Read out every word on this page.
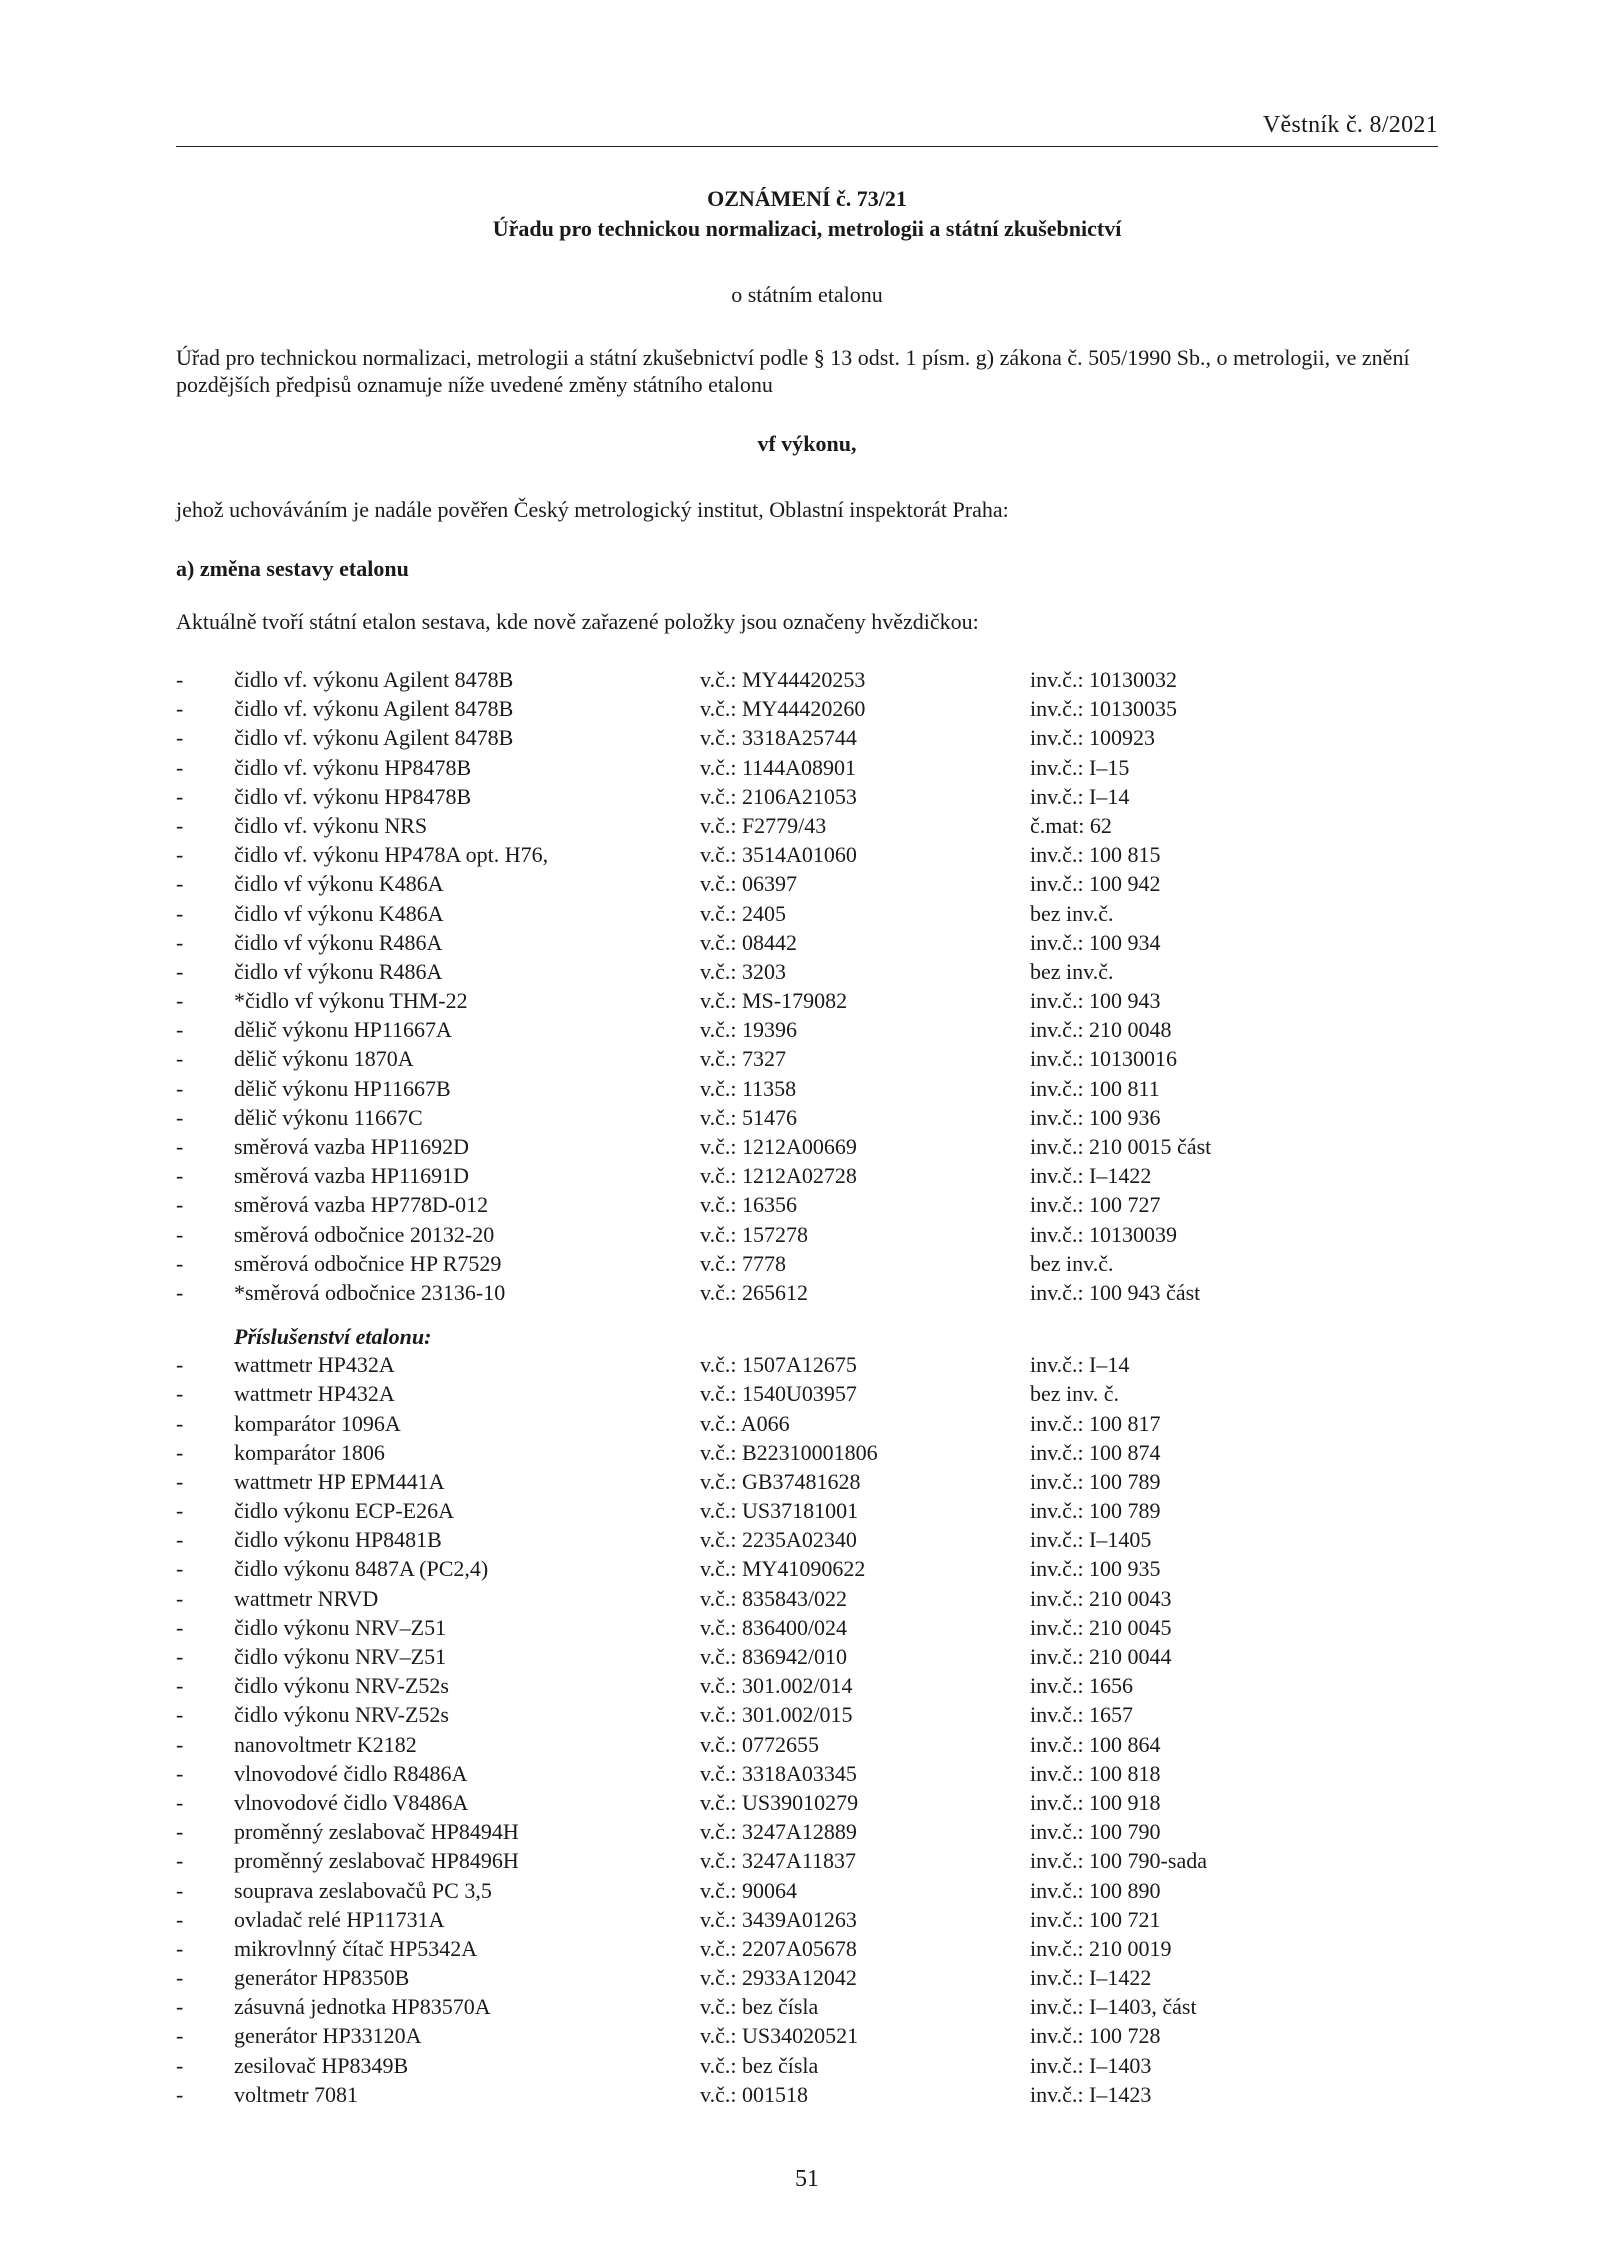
Věstník č. 8/2021
OZNÁMENÍ č. 73/21
Úřadu pro technickou normalizaci, metrologii a státní zkušebnictví
o státním etalonu
Úřad pro technickou normalizaci, metrologii a státní zkušebnictví podle § 13 odst. 1 písm. g) zákona č. 505/1990 Sb., o metrologii, ve znění pozdějších předpisů oznamuje níže uvedené změny státního etalonu
vf výkonu,
jehož uchováváním je nadále pověřen Český metrologický institut, Oblastní inspektorát Praha:
a) změna sestavy etalonu
Aktuálně tvoří státní etalon sestava, kde nově zařazené položky jsou označeny hvězdičkou:
- čidlo vf. výkonu Agilent 8478B	v.č.: MY44420253	inv.č.: 10130032
- čidlo vf. výkonu Agilent 8478B	v.č.: MY44420260	inv.č.: 10130035
- čidlo vf. výkonu Agilent 8478B	v.č.: 3318A25744	inv.č.: 100923
- čidlo vf. výkonu HP8478B	v.č.: 1144A08901	inv.č.: I–15
- čidlo vf. výkonu HP8478B	v.č.: 2106A21053	inv.č.: I–14
- čidlo vf. výkonu NRS	v.č.: F2779/43	č.mat: 62
- čidlo vf. výkonu HP478A opt. H76,	v.č.: 3514A01060	inv.č.: 100 815
- čidlo vf výkonu K486A	v.č.: 06397	inv.č.: 100 942
- čidlo vf výkonu K486A	v.č.: 2405	bez inv.č.
- čidlo vf výkonu R486A	v.č.: 08442	inv.č.: 100 934
- čidlo vf výkonu R486A	v.č.: 3203	bez inv.č.
- *čidlo vf výkonu THM-22	v.č.: MS-179082	inv.č.: 100 943
- dělič výkonu HP11667A	v.č.: 19396	inv.č.: 210 0048
- dělič výkonu 1870A	v.č.: 7327	inv.č.: 10130016
- dělič výkonu HP11667B	v.č.: 11358	inv.č.: 100 811
- dělič výkonu 11667C	v.č.: 51476	inv.č.: 100 936
- směrová vazba HP11692D	v.č.: 1212A00669	inv.č.: 210 0015 část
- směrová vazba HP11691D	v.č.: 1212A02728	inv.č.: I–1422
- směrová vazba HP778D-012	v.č.: 16356	inv.č.: 100 727
- směrová odbočnice 20132-20	v.č.: 157278	inv.č.: 10130039
- směrová odbočnice HP R7529	v.č.: 7778	bez inv.č.
- *směrová odbočnice 23136-10	v.č.: 265612	inv.č.: 100 943 část
Příslušenství etalonu:
- wattmetr HP432A	v.č.: 1507A12675	inv.č.: I–14
- wattmetr HP432A	v.č.: 1540U03957	bez inv. č.
- komparátor 1096A	v.č.: A066	inv.č.: 100 817
- komparátor 1806	v.č.: B22310001806	inv.č.: 100 874
- wattmetr HP EPM441A	v.č.: GB37481628	inv.č.: 100 789
- čidlo výkonu ECP-E26A	v.č.: US37181001	inv.č.: 100 789
- čidlo výkonu HP8481B	v.č.: 2235A02340	inv.č.: I–1405
- čidlo výkonu 8487A (PC2,4)	v.č.: MY41090622	inv.č.: 100 935
- wattmetr NRVD	v.č.: 835843/022	inv.č.: 210 0043
- čidlo výkonu NRV–Z51	v.č.: 836400/024	inv.č.: 210 0045
- čidlo výkonu NRV–Z51	v.č.: 836942/010	inv.č.: 210 0044
- čidlo výkonu NRV-Z52s	v.č.: 301.002/014	inv.č.: 1656
- čidlo výkonu NRV-Z52s	v.č.: 301.002/015	inv.č.: 1657
- nanovoltmetr K2182	v.č.: 0772655	inv.č.: 100 864
- vlnovodové čidlo R8486A	v.č.: 3318A03345	inv.č.: 100 818
- vlnovodové čidlo V8486A	v.č.: US39010279	inv.č.: 100 918
- proměnný zeslabovač HP8494H	v.č.: 3247A12889	inv.č.: 100 790
- proměnný zeslabovač HP8496H	v.č.: 3247A11837	inv.č.: 100 790-sada
- souprava zeslabovačů PC 3,5	v.č.: 90064	inv.č.: 100 890
- ovladač relé HP11731A	v.č.: 3439A01263	inv.č.: 100 721
- mikrovlnný čítač HP5342A	v.č.: 2207A05678	inv.č.: 210 0019
- generátor HP8350B	v.č.: 2933A12042	inv.č.: I–1422
- zásuvná jednotka HP83570A	v.č.: bez čísla	inv.č.: I–1403, část
- generátor HP33120A	v.č.: US34020521	inv.č.: 100 728
- zesilovač HP8349B	v.č.: bez čísla	inv.č.: I–1403
- voltmetr 7081	v.č.: 001518	inv.č.: I–1423
51
